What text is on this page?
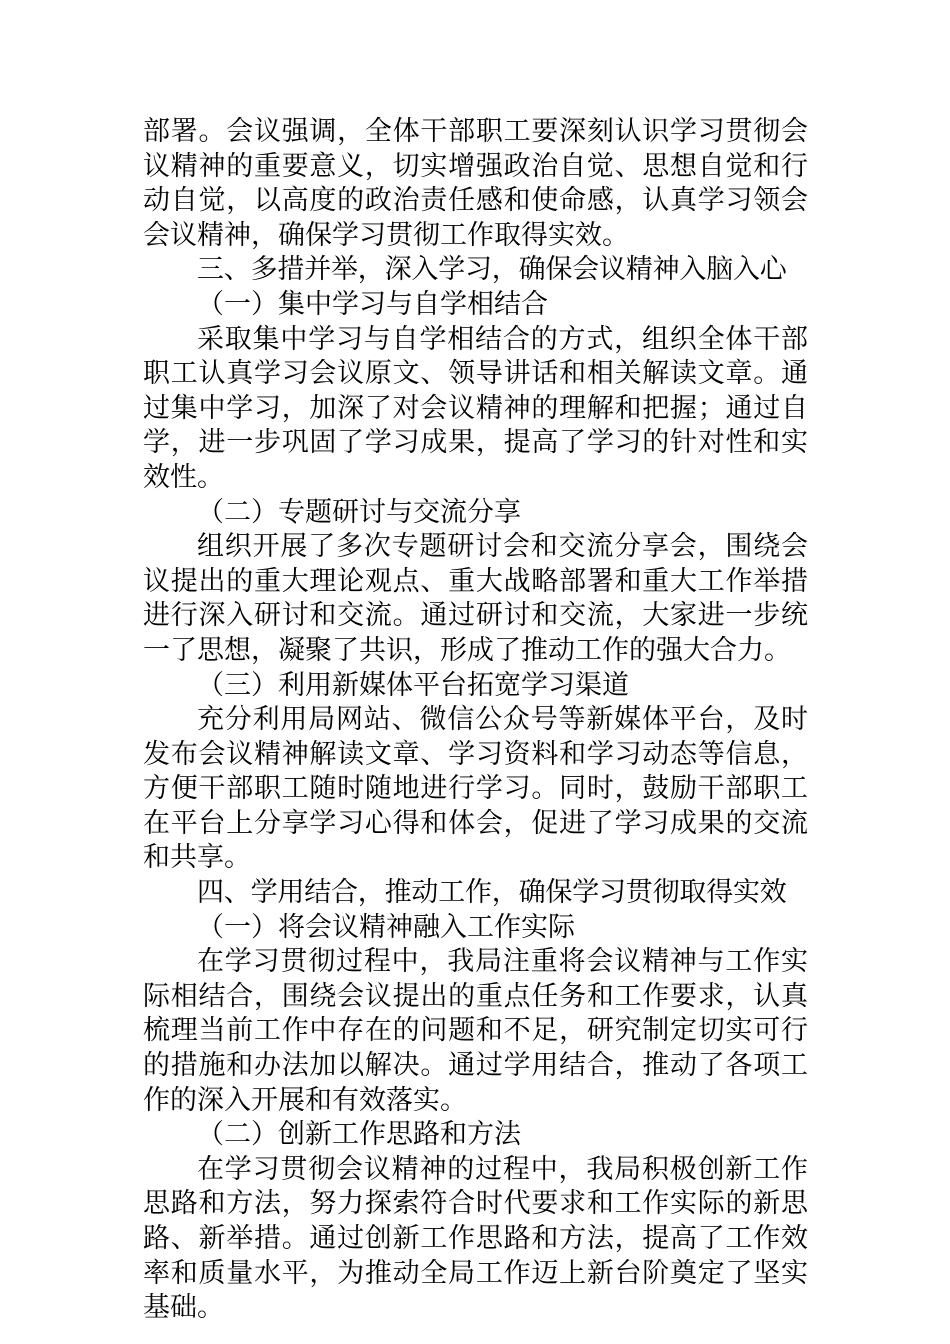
部署。会议强调，全体干部职工要深刻认识学习贯彻会议精神的重要意义，切实增强政治自觉、思想自觉和行动自觉，以高度的政治责任感和使命感，认真学习领会会议精神，确保学习贯彻工作取得实效。

三、多措并举，深入学习，确保会议精神入脑入心

（一）集中学习与自学相结合

采取集中学习与自学相结合的方式，组织全体干部职工认真学习会议原文、领导讲话和相关解读文章。通过集中学习，加深了对会议精神的理解和把握；通过自学，进一步巩固了学习成果，提高了学习的针对性和实效性。

（二）专题研讨与交流分享

组织开展了多次专题研讨会和交流分享会，围绕会议提出的重大理论观点、重大战略部署和重大工作举措进行深入研讨和交流。通过研讨和交流，大家进一步统一了思想，凝聚了共识，形成了推动工作的强大合力。

（三）利用新媒体平台拓宽学习渠道

充分利用局网站、微信公众号等新媒体平台，及时发布会议精神解读文章、学习资料和学习动态等信息，方便干部职工随时随地进行学习。同时，鼓励干部职工在平台上分享学习心得和体会，促进了学习成果的交流和共享。

四、学用结合，推动工作，确保学习贯彻取得实效

（一）将会议精神融入工作实际

在学习贯彻过程中，我局注重将会议精神与工作实际相结合，围绕会议提出的重点任务和工作要求，认真梳理当前工作中存在的问题和不足，研究制定切实可行的措施和办法加以解决。通过学用结合，推动了各项工作的深入开展和有效落实。

（二）创新工作思路和方法

在学习贯彻会议精神的过程中，我局积极创新工作思路和方法，努力探索符合时代要求和工作实际的新思路、新举措。通过创新工作思路和方法，提高了工作效率和质量水平，为推动全局工作迈上新台阶奠定了坚实基础。
